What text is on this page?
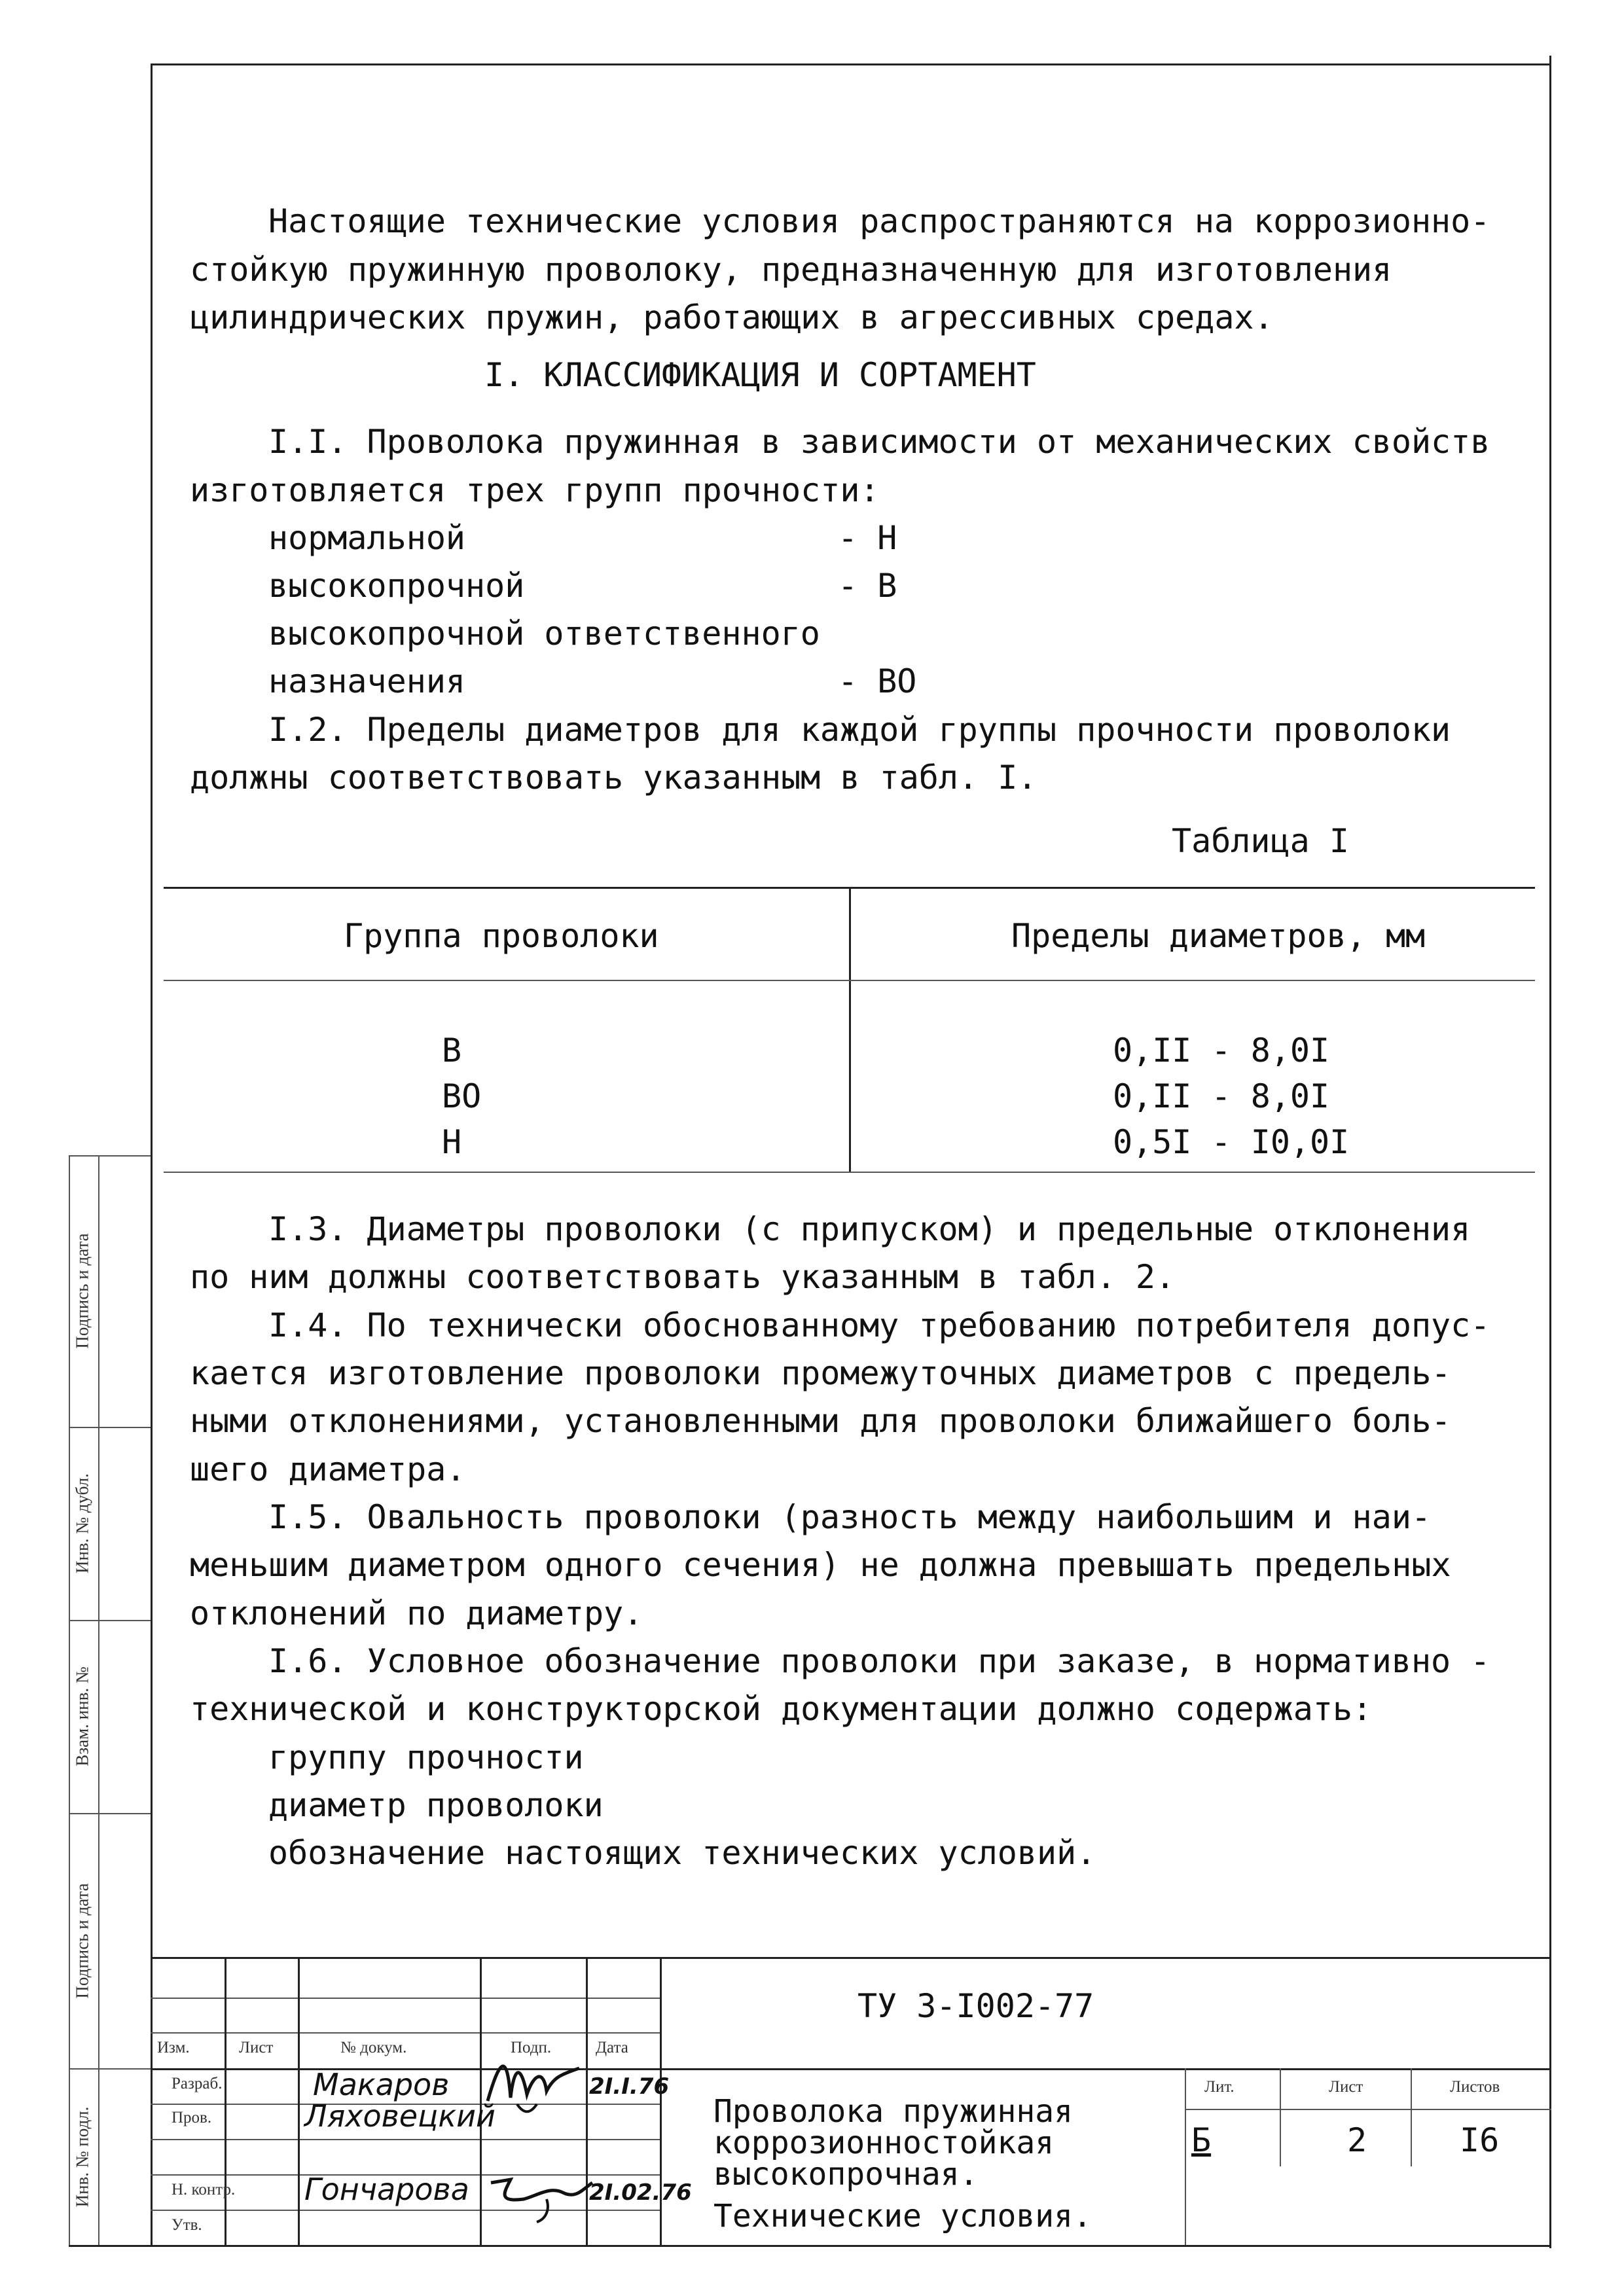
Настоящие технические условия распространяются на коррозионно-
стойкую пружинную проволоку, предназначенную для изготовления
цилиндрических пружин, работающих в агрессивных средах.
I. КЛАССИФИКАЦИЯ И СОРТАМЕНТ
I.I. Проволока пружинная в зависимости от механических свойств
изготовляется трех групп прочности:
нормальной	- Н
высокопрочной	- В
высокопрочной ответственного
назначения	- ВО
I.2. Пределы диаметров для каждой группы прочности проволоки
должны соответствовать указанным в табл. I.
Таблица I
Группа проволоки	Пределы диаметров, мм
В	0,II - 8,0I
ВО	0,II - 8,0I
Н	0,5I - I0,0I
I.3. Диаметры проволоки (с припуском) и предельные отклонения
по ним должны соответствовать указанным в табл. 2.
I.4. По технически обоснованному требованию потребителя допус-
кается изготовление проволоки промежуточных диаметров с предель-
ными отклонениями, установленными для проволоки ближайшего боль-
шего диаметра.
I.5. Овальность проволоки (разность между наибольшим и наи-
меньшим диаметром одного сечения) не должна превышать предельных
отклонений по диаметру.
I.6. Условное обозначение проволоки при заказе, в нормативно -
технической и конструкторской документации должно содержать:
группу прочности
диаметр проволоки
обозначение настоящих технических условий.
Подпись и дата
Инв. № дубл.
Взам. инв. №
Подпись и дата
Инв. № подл.
Изм.	Лист	№ докум.	Подп.	Дата
Разраб.
Пров.
Н. контр.
Утв.
Макаров
Ляховецкий
Гончарова
2I.I.76
2I.02.76
ТУ 3-I002-77
Проволока пружинная
коррозионностойкая
высокопрочная.
Технические условия.
Лит.	Лист	Листов
Б	2	I6
